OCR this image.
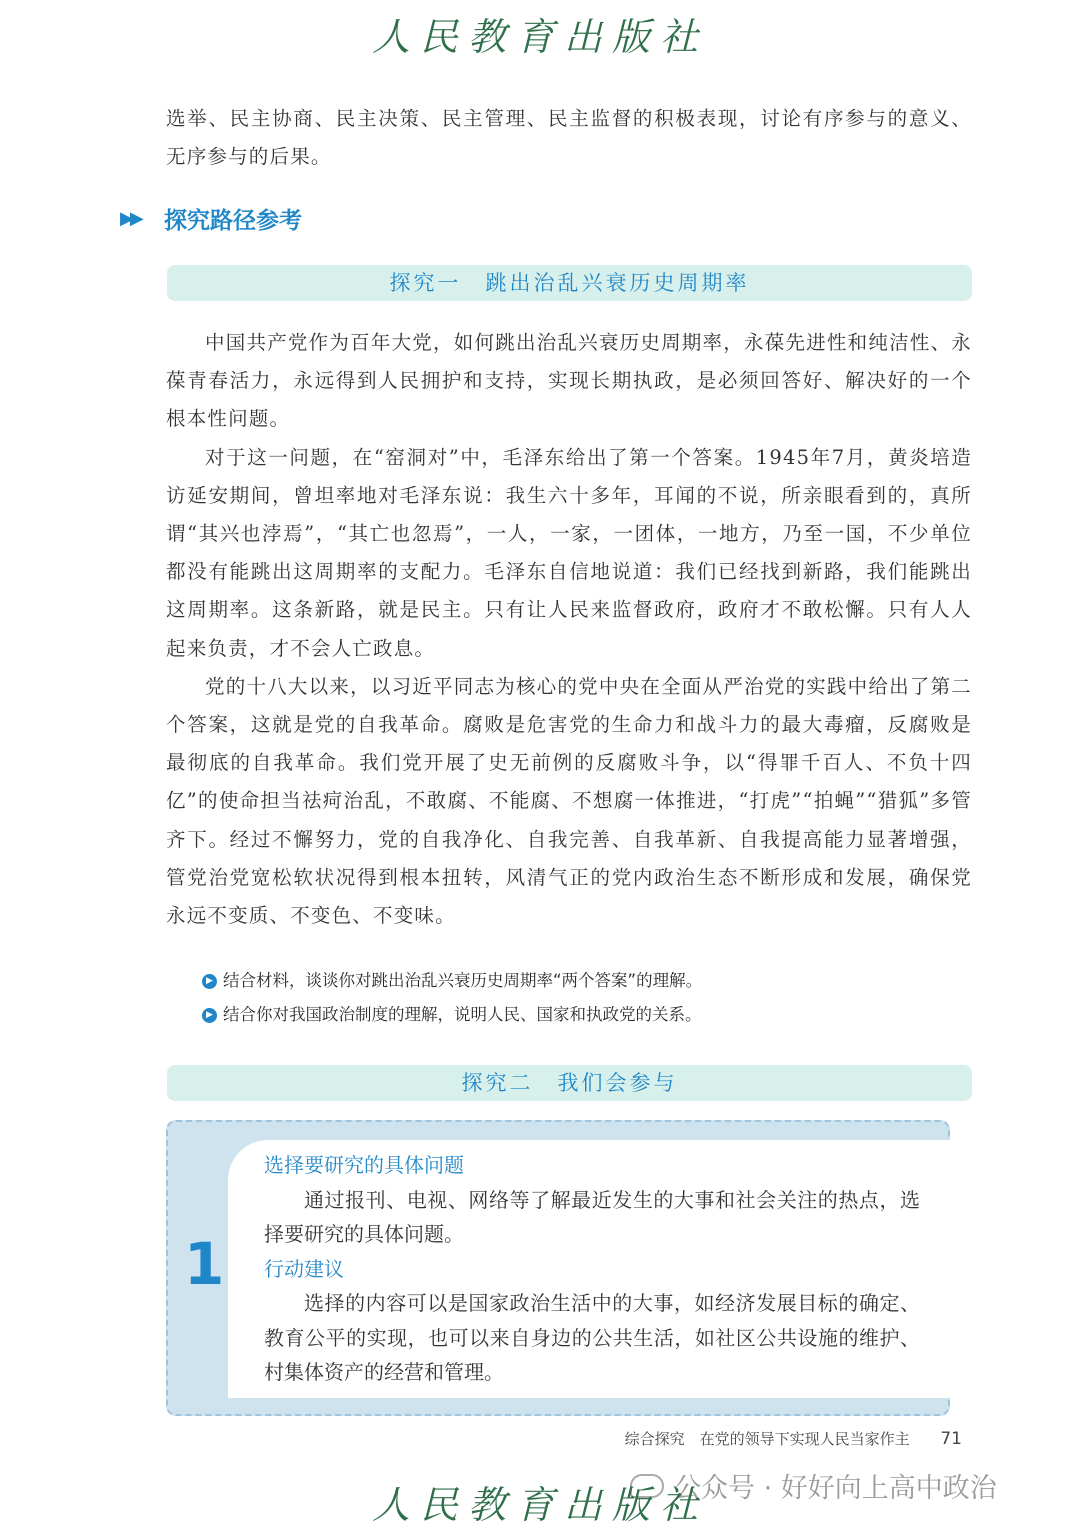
人民教育出版社

选举、民主协商、民主决策、民主管理、民主监督的积极表现，讨论有序参与的意义、无序参与的后果。

▶▶	探究路径参考
探究一　跳出治乱兴衰历史周期率

中国共产党作为百年大党，如何跳出治乱兴衰历史周期率，永葆先进性和纯洁性、永葆青春活力，永远得到人民拥护和支持，实现长期执政，是必须回答好、解决好的一个根本性问题。

对于这一问题，在“窑洞对”中，毛泽东给出了第一个答案。1945年7月，黄炎培造访延安期间，曾坦率地对毛泽东说：我生六十多年，耳闻的不说，所亲眼看到的，真所谓“其兴也浡焉”，“其亡也忽焉”，一人，一家，一团体，一地方，乃至一国，不少单位都没有能跳出这周期率的支配力。毛泽东自信地说道：我们已经找到新路，我们能跳出这周期率。这条新路，就是民主。只有让人民来监督政府，政府才不敢松懈。只有人人起来负责，才不会人亡政息。

党的十八大以来，以习近平同志为核心的党中央在全面从严治党的实践中给出了第二个答案，这就是党的自我革命。腐败是危害党的生命力和战斗力的最大毒瘤，反腐败是最彻底的自我革命。我们党开展了史无前例的反腐败斗争，以“得罪千百人、不负十四亿”的使命担当祛疴治乱，不敢腐、不能腐、不想腐一体推进，“打虎”“拍蝇”“猎狐”多管齐下。经过不懈努力，党的自我净化、自我完善、自我革新、自我提高能力显著增强，管党治党宽松软状况得到根本扭转，风清气正的党内政治生态不断形成和发展，确保党永远不变质、不变色、不变味。

▶ 结合材料，谈谈你对跳出治乱兴衰历史周期率“两个答案”的理解。
▶ 结合你对我国政治制度的理解，说明人民、国家和执政党的关系。
探究二　我们会参与
1
选择要研究的具体问题
通过报刊、电视、网络等了解最近发生的大事和社会关注的热点，选择要研究的具体问题。
行动建议
选择的内容可以是国家政治生活中的大事，如经济发展目标的确定、教育公平的实现，也可以来自身边的公共生活，如社区公共设施的维护、村集体资产的经营和管理。
综合探究　在党的领导下实现人民当家作主 71
公众号 · 好好向上高中政治
人民教育出版社
